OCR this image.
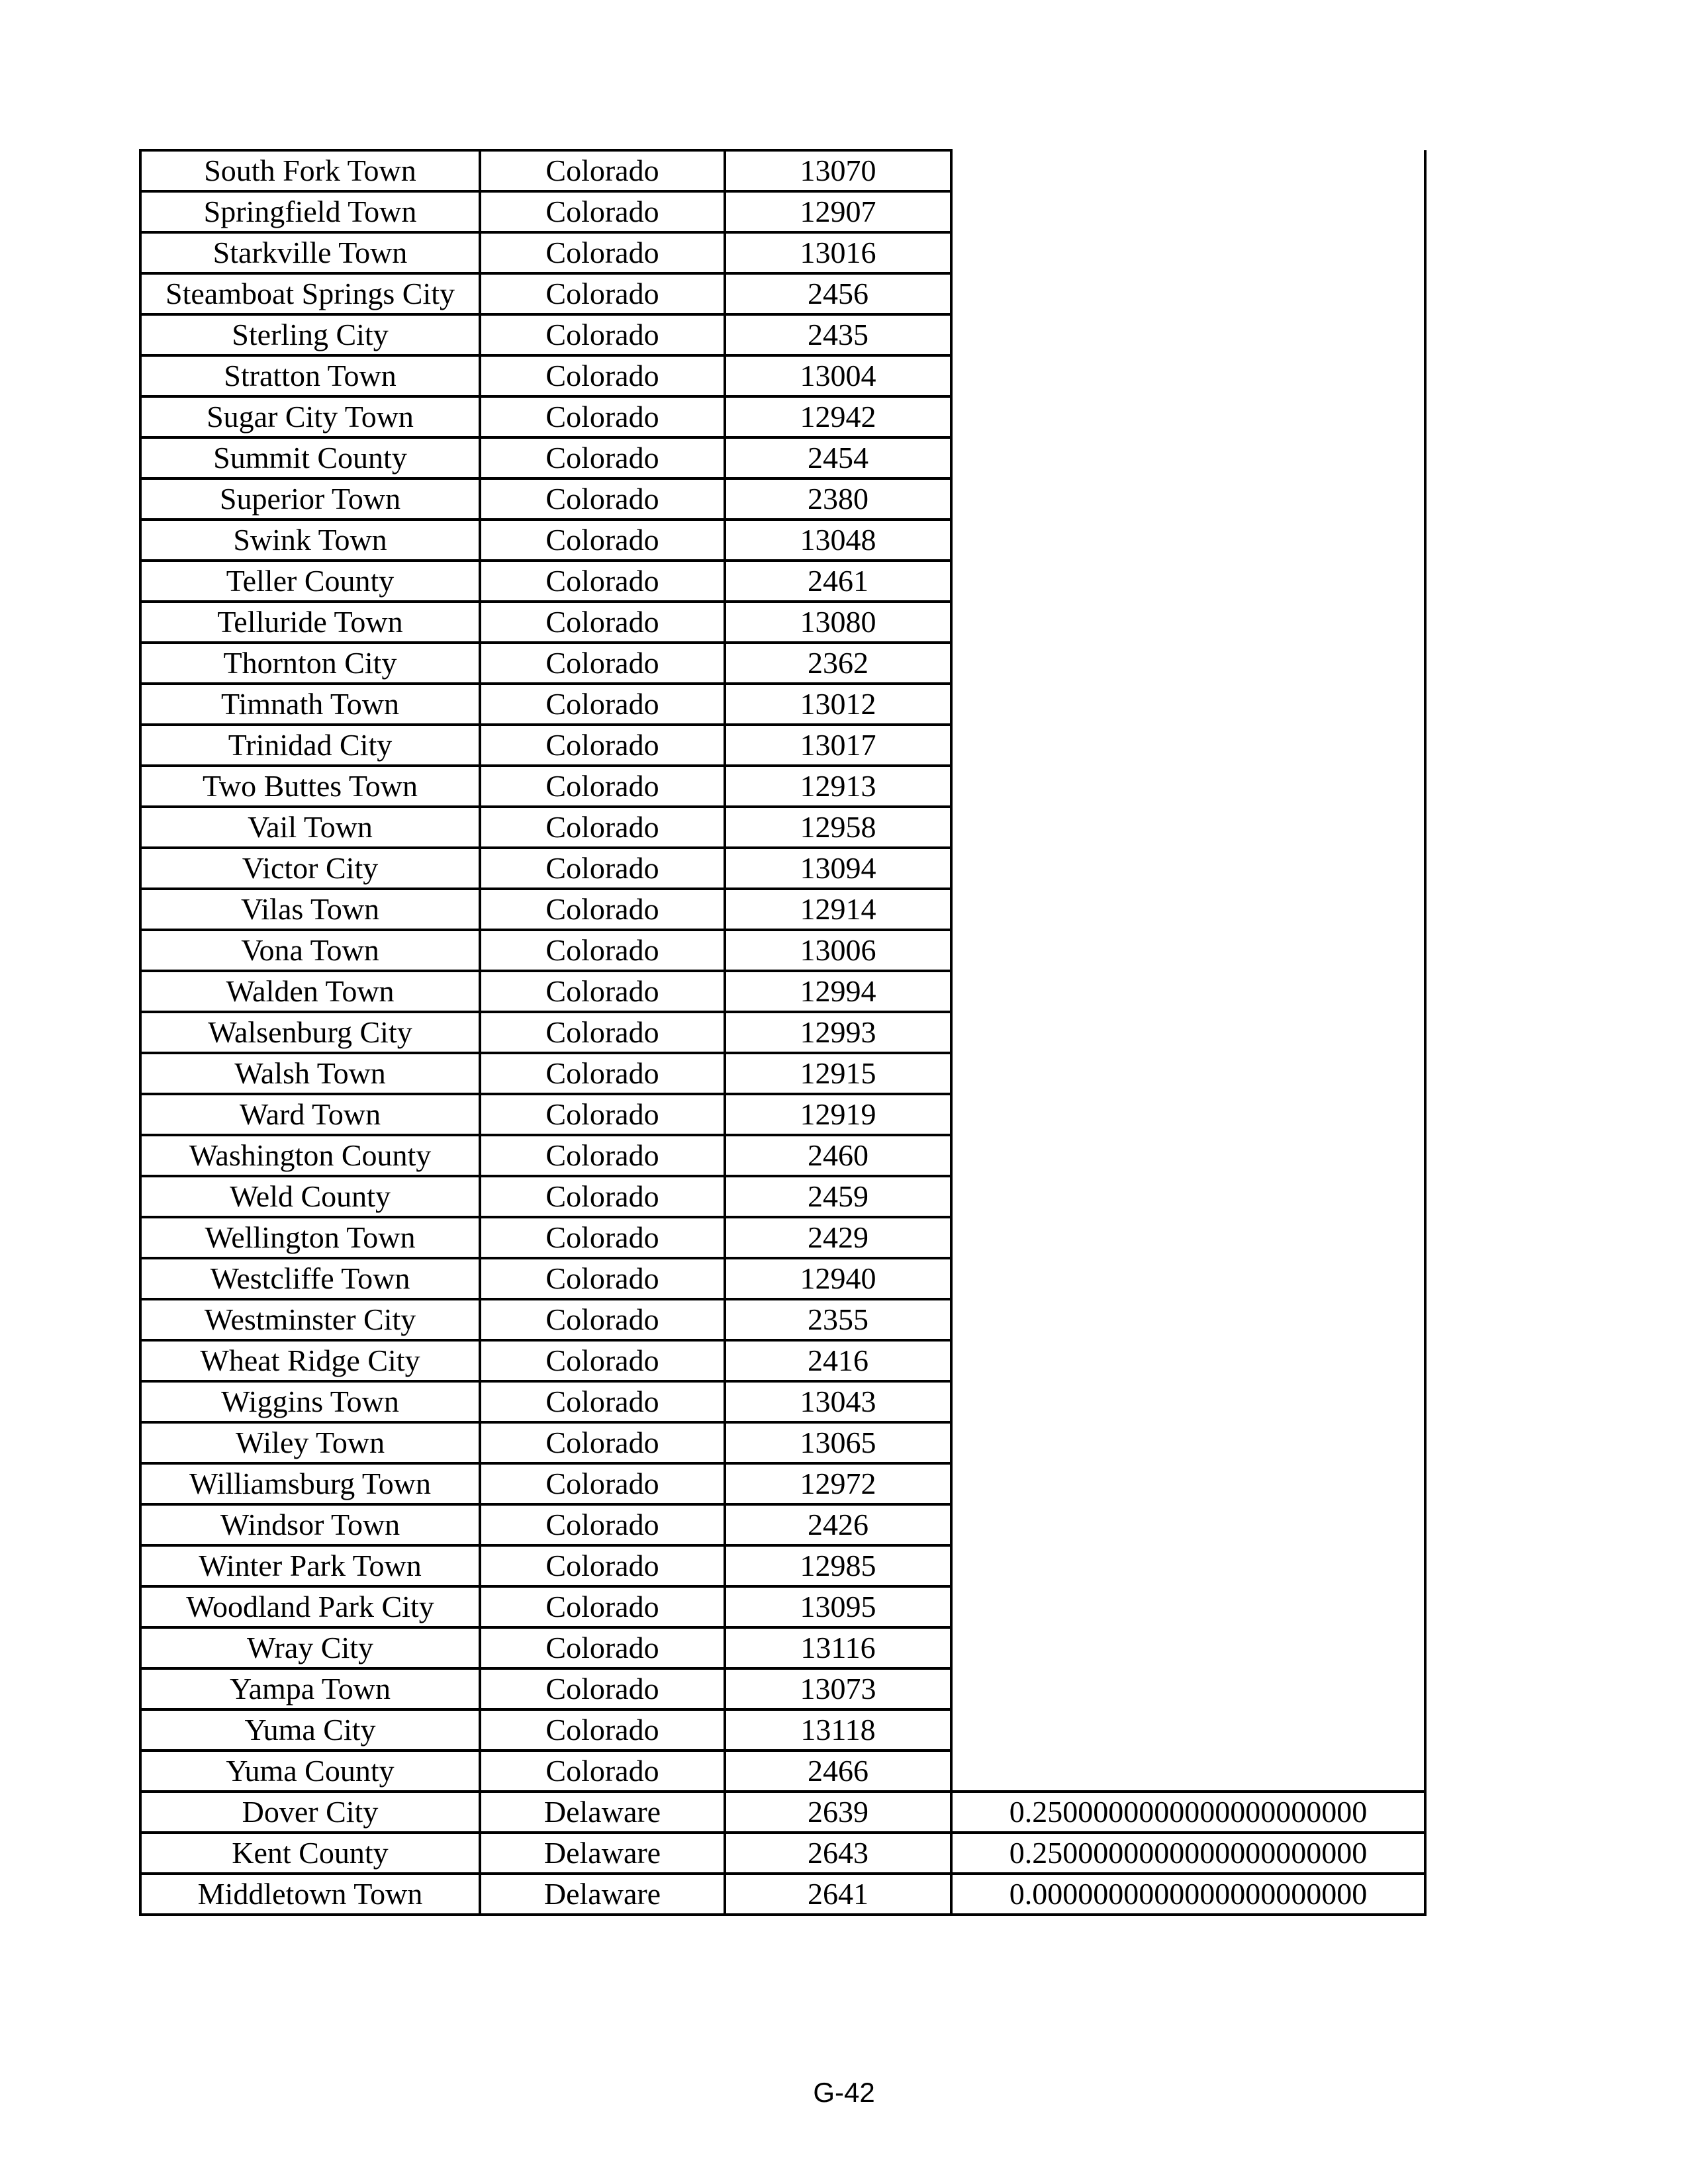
South Fork Town	Colorado	13070	
Springfield Town	Colorado	12907	
Starkville Town	Colorado	13016	
Steamboat Springs City	Colorado	2456	
Sterling City	Colorado	2435	
Stratton Town	Colorado	13004	
Sugar City Town	Colorado	12942	
Summit County	Colorado	2454	
Superior Town	Colorado	2380	
Swink Town	Colorado	13048	
Teller County	Colorado	2461	
Telluride Town	Colorado	13080	
Thornton City	Colorado	2362	
Timnath Town	Colorado	13012	
Trinidad City	Colorado	13017	
Two Buttes Town	Colorado	12913	
Vail Town	Colorado	12958	
Victor City	Colorado	13094	
Vilas Town	Colorado	12914	
Vona Town	Colorado	13006	
Walden Town	Colorado	12994	
Walsenburg City	Colorado	12993	
Walsh Town	Colorado	12915	
Ward Town	Colorado	12919	
Washington County	Colorado	2460	
Weld County	Colorado	2459	
Wellington Town	Colorado	2429	
Westcliffe Town	Colorado	12940	
Westminster City	Colorado	2355	
Wheat Ridge City	Colorado	2416	
Wiggins Town	Colorado	13043	
Wiley Town	Colorado	13065	
Williamsburg Town	Colorado	12972	
Windsor Town	Colorado	2426	
Winter Park Town	Colorado	12985	
Woodland Park City	Colorado	13095	
Wray City	Colorado	13116	
Yampa Town	Colorado	13073	
Yuma City	Colorado	13118	
Yuma County	Colorado	2466	
Dover City	Delaware	2639	0.2500000000000000000000
Kent County	Delaware	2643	0.2500000000000000000000
Middletown Town	Delaware	2641	0.0000000000000000000000
G-42
